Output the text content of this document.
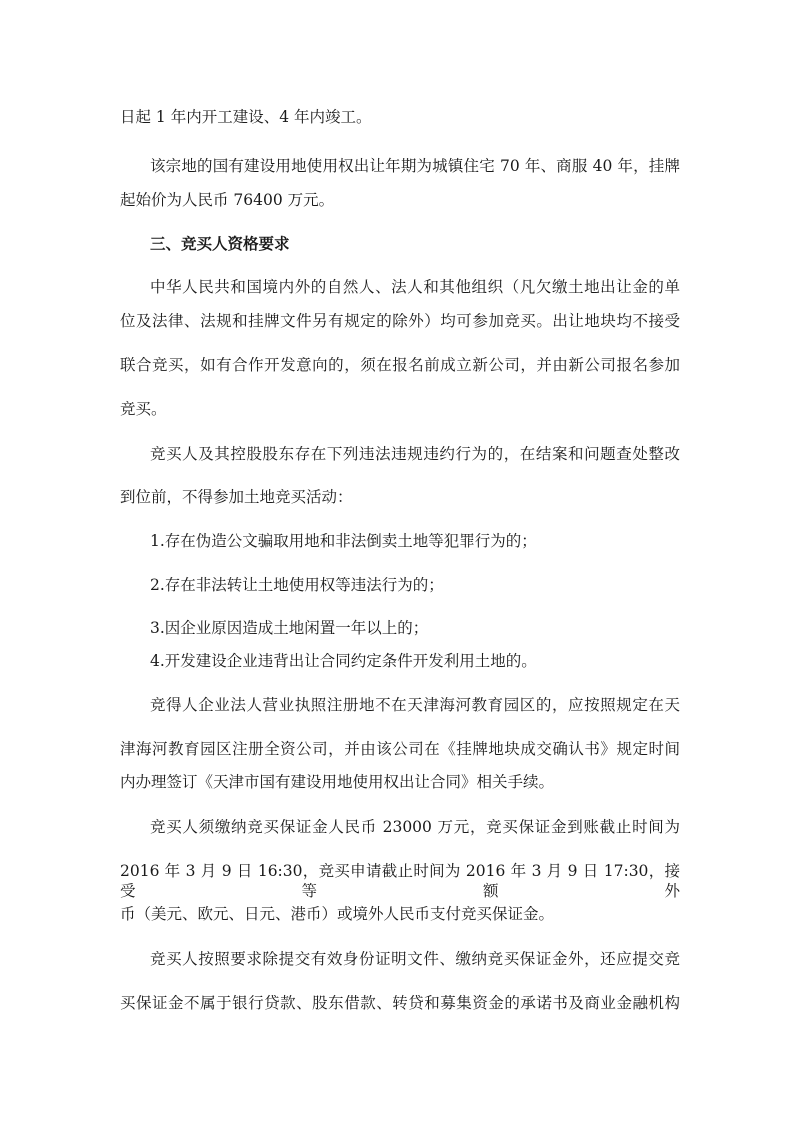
日起 1 年内开工建设、4 年内竣工。
该宗地的国有建设用地使用权出让年期为城镇住宅 70 年、商服 40 年，挂牌
起始价为人民币 76400 万元。
三、竞买人资格要求
中华人民共和国境内外的自然人、法人和其他组织（凡欠缴土地出让金的单
位及法律、法规和挂牌文件另有规定的除外）均可参加竞买。出让地块均不接受
联合竞买，如有合作开发意向的，须在报名前成立新公司，并由新公司报名参加
竞买。
竞买人及其控股股东存在下列违法违规违约行为的，在结案和问题查处整改
到位前，不得参加土地竞买活动：
1.存在伪造公文骗取用地和非法倒卖土地等犯罪行为的；
2.存在非法转让土地使用权等违法行为的；
3.因企业原因造成土地闲置一年以上的；
4.开发建设企业违背出让合同约定条件开发利用土地的。
竞得人企业法人营业执照注册地不在天津海河教育园区的，应按照规定在天
津海河教育园区注册全资公司，并由该公司在《挂牌地块成交确认书》规定时间
内办理签订《天津市国有建设用地使用权出让合同》相关手续。
竞买人须缴纳竞买保证金人民币 23000 万元，竞买保证金到账截止时间为
2016 年 3 月 9 日 16:30，竞买申请截止时间为 2016 年 3 月 9 日 17:30，接受等额外
币（美元、欧元、日元、港币）或境外人民币支付竞买保证金。
竞买人按照要求除提交有效身份证明文件、缴纳竞买保证金外，还应提交竞
买保证金不属于银行贷款、股东借款、转贷和募集资金的承诺书及商业金融机构
